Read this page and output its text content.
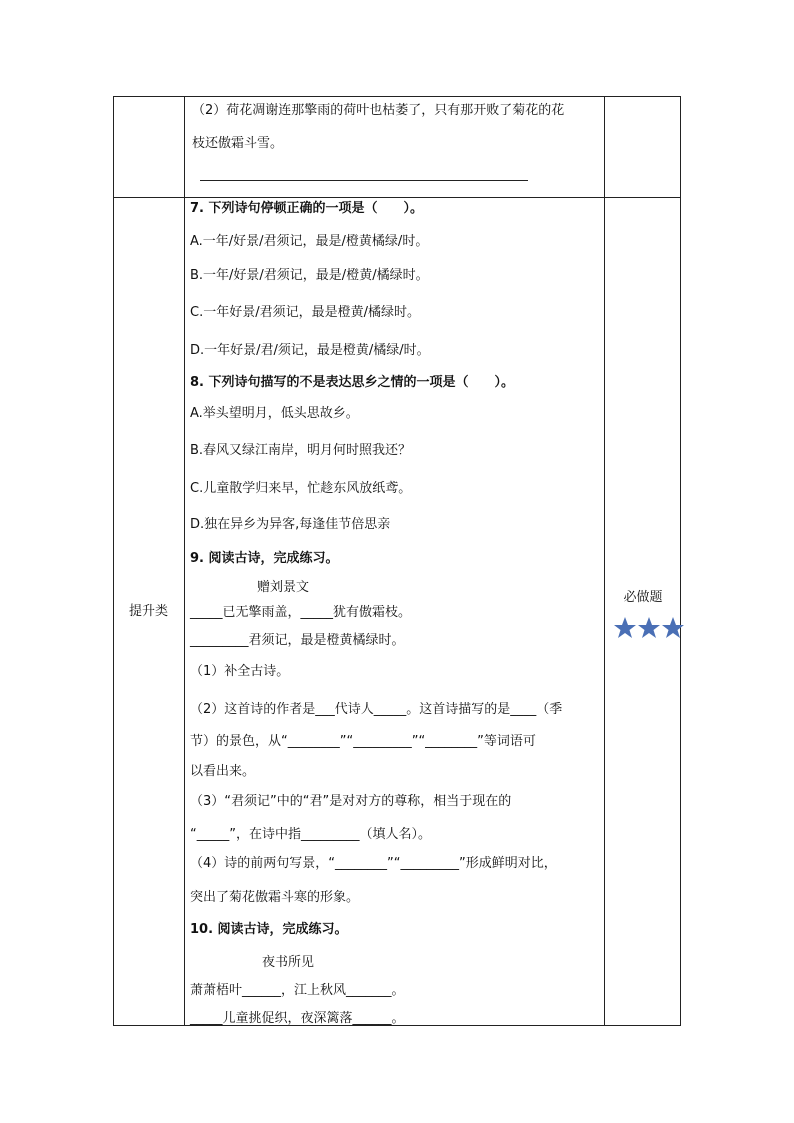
（2）荷花凋谢连那擎雨的荷叶也枯萎了，只有那开败了菊花的花
枝还傲霜斗雪。
提升类
必做题
7. 下列诗句停顿正确的一项是（　　）。
A.一年/好景/君须记，最是/橙黄橘绿/时。
B.一年/好景/君须记，最是/橙黄/橘绿时。
C.一年好景/君须记，最是橙黄/橘绿时。
D.一年好景/君/须记，最是橙黄/橘绿/时。
8. 下列诗句描写的不是表达思乡之情的一项是（　　）。
A.举头望明月，低头思故乡。
B.春风又绿江南岸，明月何时照我还？
C.儿童散学归来早，忙趁东风放纸鸢。
D.独在异乡为异客,每逢佳节倍思亲
9. 阅读古诗，完成练习。
赠刘景文
_____已无擎雨盖，_____犹有傲霜枝。
_________君须记，最是橙黄橘绿时。
（1）补全古诗。
（2）这首诗的作者是___代诗人_____。这首诗描写的是____（季
节）的景色，从“________”“_________”“________”等词语可
以看出来。
（3）“君须记”中的“君”是对对方的尊称，相当于现在的
“_____”，在诗中指_________（填人名）。
（4）诗的前两句写景，“________”“_________”形成鲜明对比，
突出了菊花傲霜斗寒的形象。
10. 阅读古诗，完成练习。
夜书所见
萧萧梧叶______，江上秋风_______。
_____儿童挑促织，夜深篱落______。
